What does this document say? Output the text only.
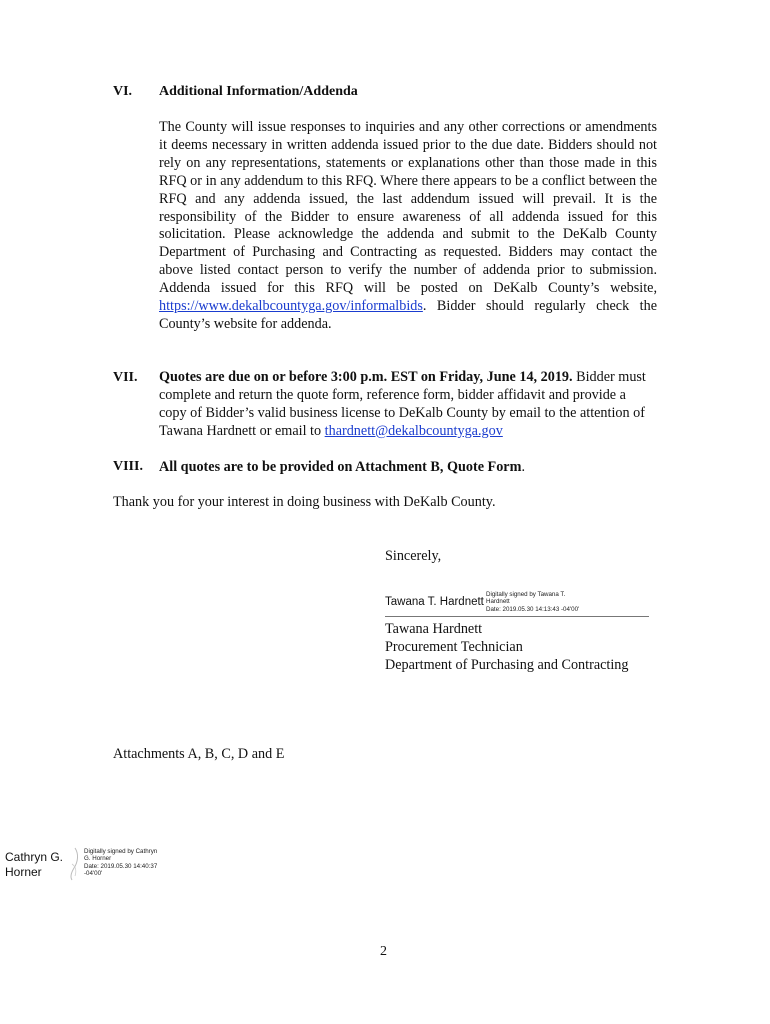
VI. Additional Information/Addenda
The County will issue responses to inquiries and any other corrections or amendments it deems necessary in written addenda issued prior to the due date. Bidders should not rely on any representations, statements or explanations other than those made in this RFQ or in any addendum to this RFQ. Where there appears to be a conflict between the RFQ and any addenda issued, the last addendum issued will prevail. It is the responsibility of the Bidder to ensure awareness of all addenda issued for this solicitation. Please acknowledge the addenda and submit to the DeKalb County Department of Purchasing and Contracting as requested. Bidders may contact the above listed contact person to verify the number of addenda prior to submission. Addenda issued for this RFQ will be posted on DeKalb County’s website, https://www.dekalbcountyga.gov/informalbids. Bidder should regularly check the County’s website for addenda.
VII. Quotes are due on or before 3:00 p.m. EST on Friday, June 14, 2019. Bidder must complete and return the quote form, reference form, bidder affidavit and provide a copy of Bidder’s valid business license to DeKalb County by email to the attention of Tawana Hardnett or email to thardnett@dekalbcountyga.gov
VIII. All quotes are to be provided on Attachment B, Quote Form.
Thank you for your interest in doing business with DeKalb County.
Sincerely,
Tawana T. Hardnett
Digitally signed by Tawana T.
Hardnett
Date: 2019.05.30 14:13:43 -04'00'
Tawana Hardnett
Procurement Technician
Department of Purchasing and Contracting
Attachments A, B, C, D and E
Cathryn G.
Horner
Digitally signed by Cathryn
G. Horner
Date: 2019.05.30 14:40:37
-04'00'
2
